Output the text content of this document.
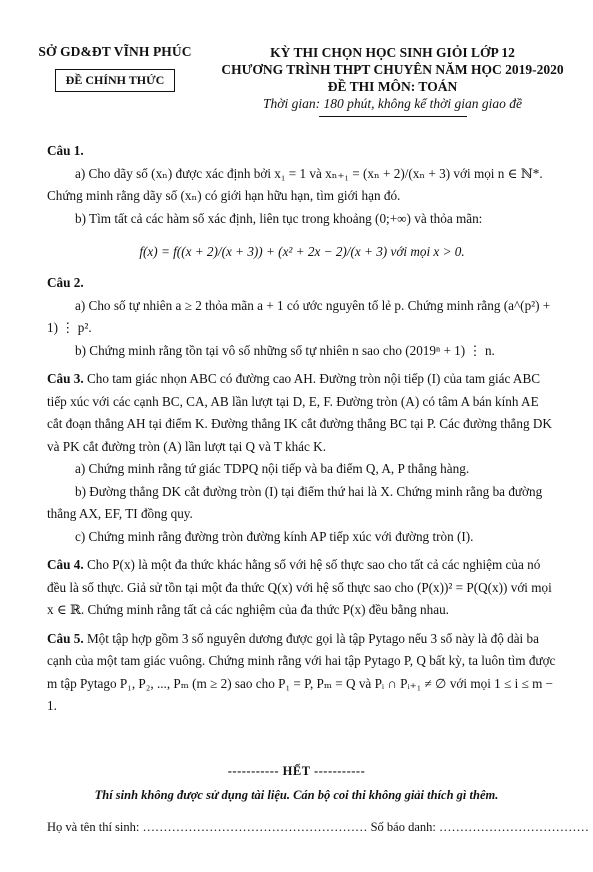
SỞ GD&ĐT VĨNH PHÚC
ĐỀ CHÍNH THỨC
KỲ THI CHỌN HỌC SINH GIỎI LỚP 12
CHƯƠNG TRÌNH THPT CHUYÊN NĂM HỌC 2019-2020
ĐỀ THI MÔN: TOÁN
Thời gian: 180 phút, không kể thời gian giao đề

Câu 1.

a) Cho dãy số (xₙ) được xác định bởi x₁ = 1 và xₙ₊₁ = (xₙ + 2)/(xₙ + 3) với mọi n ∈ ℕ*. Chứng minh rằng dãy số (xₙ) có giới hạn hữu hạn, tìm giới hạn đó.

b) Tìm tất cả các hàm số xác định, liên tục trong khoảng (0;+∞) và thỏa mãn:

f(x) = f((x + 2)/(x + 3)) + (x² + 2x − 2)/(x + 3) với mọi x > 0.

Câu 2.

a) Cho số tự nhiên a ≥ 2 thỏa mãn a + 1 có ước nguyên tố lẻ p. Chứng minh rằng (a^(p²) + 1) ⋮ p².

b) Chứng minh rằng tồn tại vô số những số tự nhiên n sao cho (2019ⁿ + 1) ⋮ n.

Câu 3. Cho tam giác nhọn ABC có đường cao AH. Đường tròn nội tiếp (I) của tam giác ABC tiếp xúc với các cạnh BC, CA, AB lần lượt tại D, E, F. Đường tròn (A) có tâm A bán kính AE cắt đoạn thẳng AH tại điểm K. Đường thẳng IK cắt đường thẳng BC tại P. Các đường thẳng DK và PK cắt đường tròn (A) lần lượt tại Q và T khác K.

a) Chứng minh rằng tứ giác TDPQ nội tiếp và ba điểm Q, A, P thẳng hàng.

b) Đường thẳng DK cắt đường tròn (I) tại điểm thứ hai là X. Chứng minh rằng ba đường thẳng AX, EF, TI đồng quy.

c) Chứng minh rằng đường tròn đường kính AP tiếp xúc với đường tròn (I).

Câu 4. Cho P(x) là một đa thức khác hằng số với hệ số thực sao cho tất cả các nghiệm của nó đều là số thực. Giả sử tồn tại một đa thức Q(x) với hệ số thực sao cho (P(x))² = P(Q(x)) với mọi x ∈ ℝ. Chứng minh rằng tất cả các nghiệm của đa thức P(x) đều bằng nhau.

Câu 5. Một tập hợp gồm 3 số nguyên dương được gọi là tập Pytago nếu 3 số này là độ dài ba cạnh của một tam giác vuông. Chứng minh rằng với hai tập Pytago P, Q bất kỳ, ta luôn tìm được m tập Pytago P₁, P₂, ..., Pₘ (m ≥ 2) sao cho P₁ = P, Pₘ = Q và Pᵢ ∩ Pᵢ₊₁ ≠ ∅ với mọi 1 ≤ i ≤ m − 1.

----------- HẾT -----------
Thí sinh không được sử dụng tài liệu. Cán bộ coi thi không giải thích gì thêm.
Họ và tên thí sinh: ……………………………………………… Số báo danh: ………………………………
